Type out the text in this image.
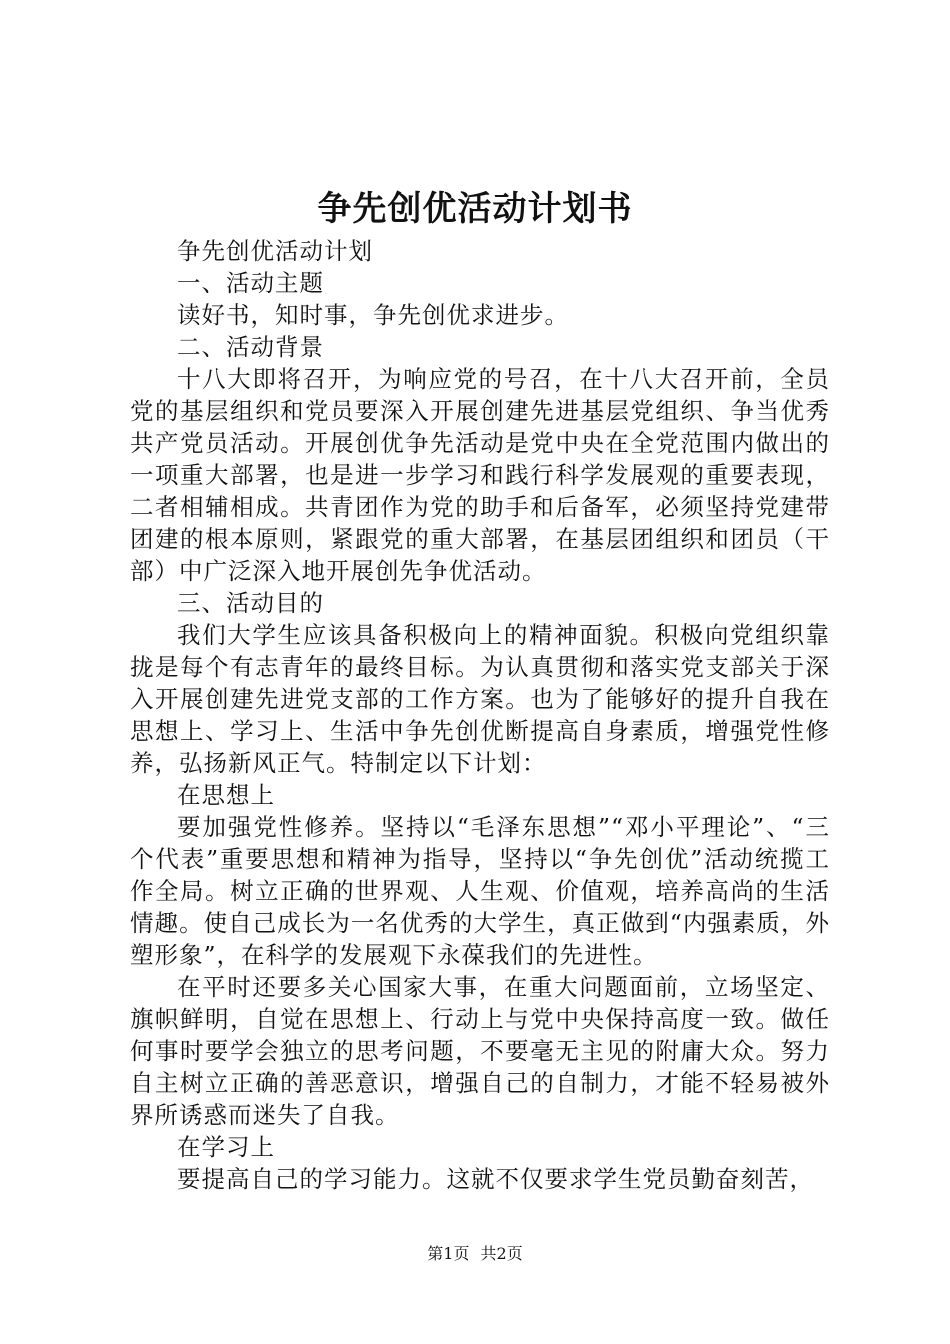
争先创优活动计划书

争先创优活动计划

一、活动主题

读好书，知时事，争先创优求进步。

二、活动背景

十八大即将召开，为响应党的号召，在十八大召开前，全员党的基层组织和党员要深入开展创建先进基层党组织、争当优秀共产党员活动。开展创优争先活动是党中央在全党范围内做出的一项重大部署，也是进一步学习和践行科学发展观的重要表现，二者相辅相成。共青团作为党的助手和后备军，必须坚持党建带团建的根本原则，紧跟党的重大部署，在基层团组织和团员（干部）中广泛深入地开展创先争优活动。

三、活动目的

我们大学生应该具备积极向上的精神面貌。积极向党组织靠拢是每个有志青年的最终目标。为认真贯彻和落实党支部关于深入开展创建先进党支部的工作方案。也为了能够好的提升自我在思想上、学习上、生活中争先创优断提高自身素质，增强党性修养，弘扬新风正气。特制定以下计划：

在思想上

要加强党性修养。坚持以“毛泽东思想”“邓小平理论”、“三个代表”重要思想和精神为指导，坚持以“争先创优”活动统揽工作全局。树立正确的世界观、人生观、价值观，培养高尚的生活情趣。使自己成长为一名优秀的大学生，真正做到“内强素质，外塑形象”，在科学的发展观下永葆我们的先进性。

在平时还要多关心国家大事，在重大问题面前，立场坚定、旗帜鲜明，自觉在思想上、行动上与党中央保持高度一致。做任何事时要学会独立的思考问题，不要毫无主见的附庸大众。努力自主树立正确的善恶意识，增强自己的自制力，才能不轻易被外界所诱惑而迷失了自我。

在学习上

要提高自己的学习能力。这就不仅要求学生党员勤奋刻苦，

第1页 共2页
